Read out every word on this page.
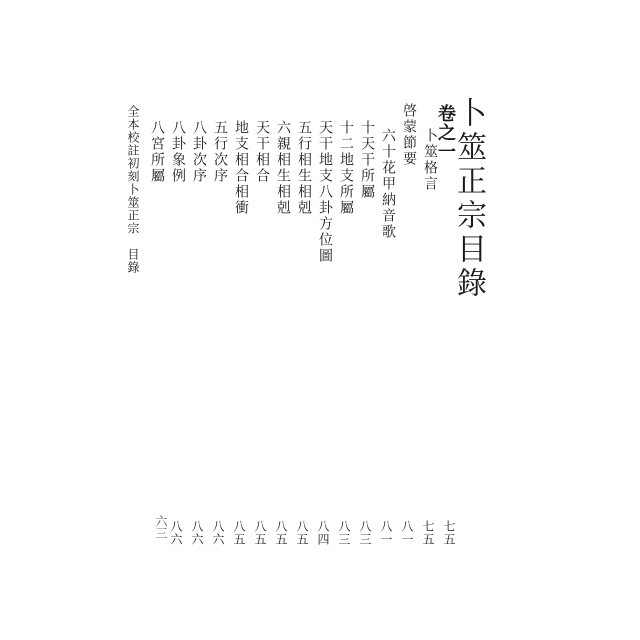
卜筮正宗目錄
卷之一
卜筮格言
啓蒙節要
六十花甲納音歌
十天干所屬
十二地支所屬
天干地支八卦方位圖
五行相生相剋
六親相生相剋
天干相合
地支相合相衝
五行次序
八卦次序
八卦象例
八宮所屬
七五
七五
八一
八一
八三
八三
八四
八五
八五
八五
八五
八六
八六
八六
全本校註初刻卜筮正宗　目錄
六三
